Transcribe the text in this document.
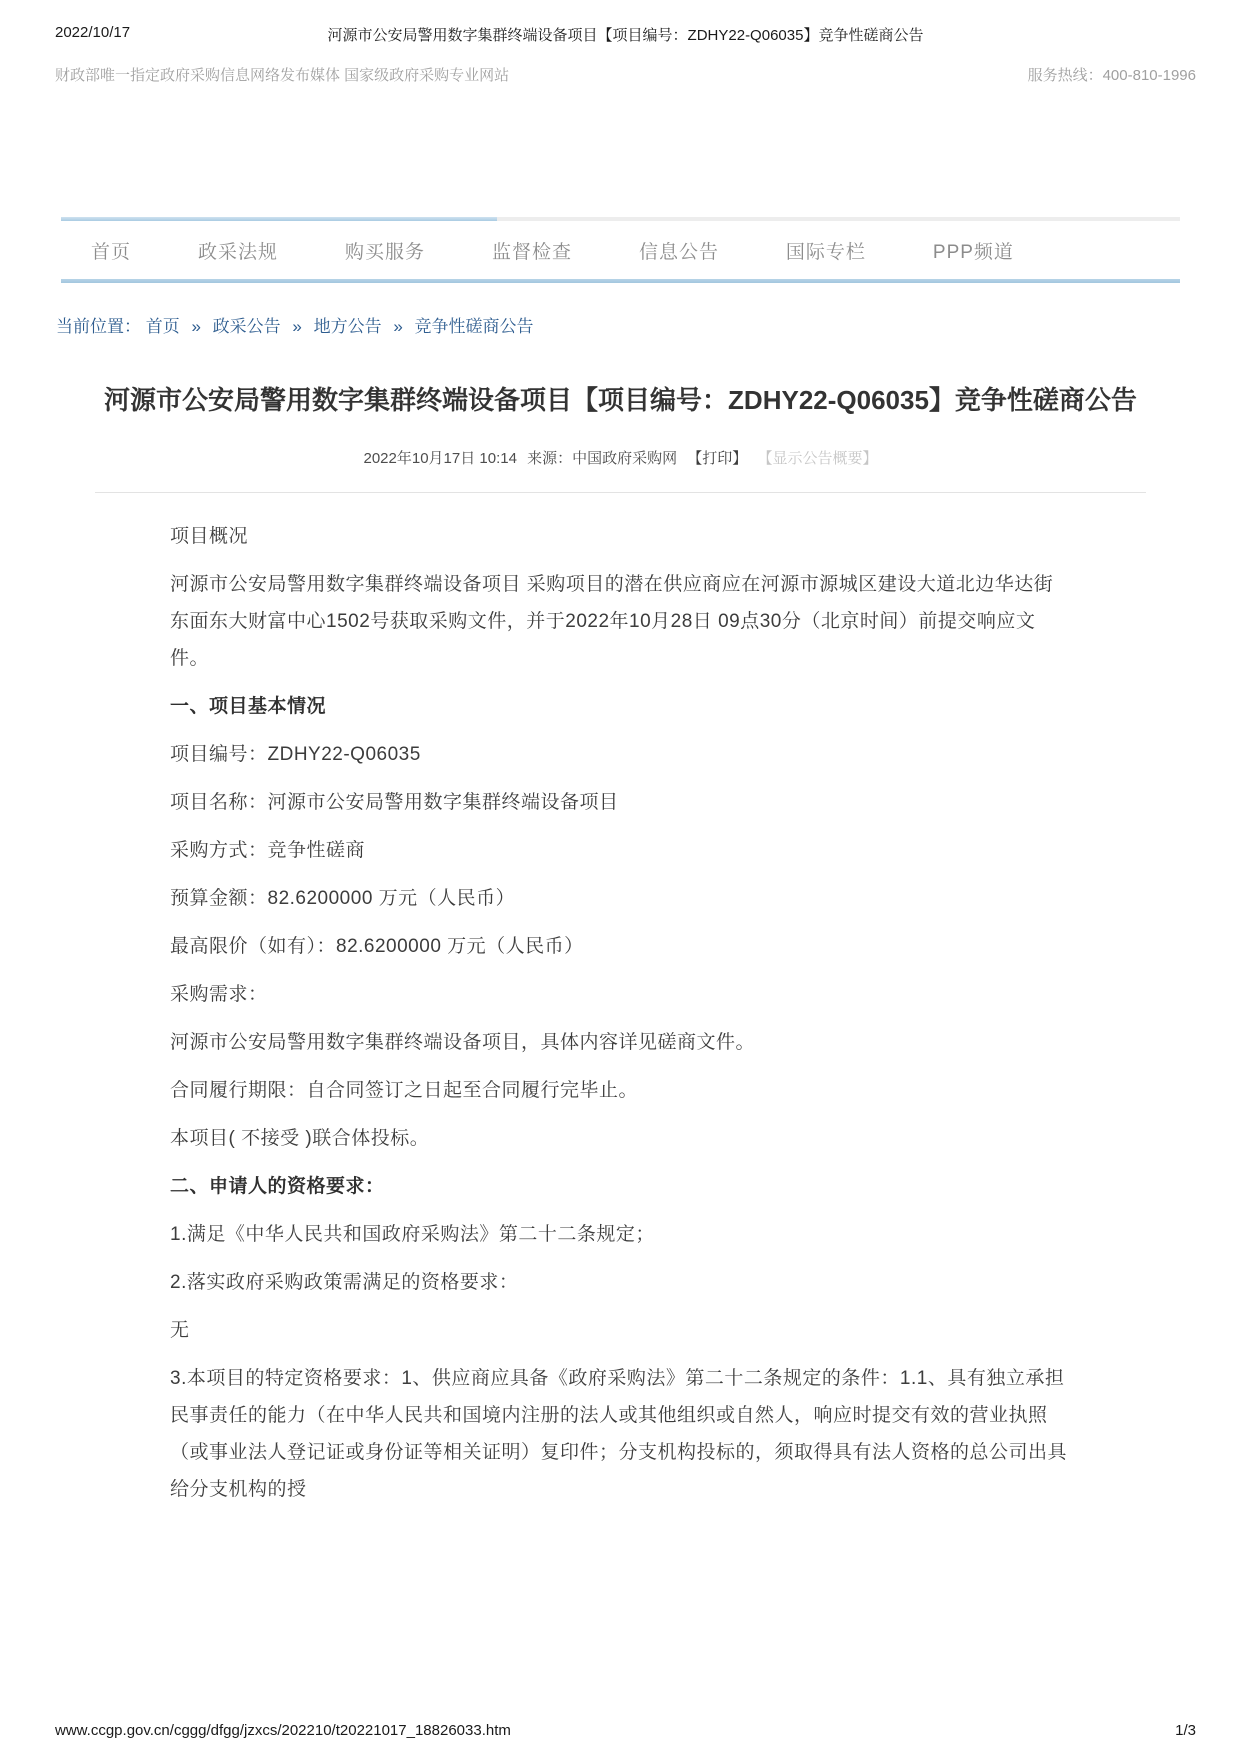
2022/10/17	河源市公安局警用数字集群终端设备项目【项目编号：ZDHY22-Q06035】竞争性磋商公告
财政部唯一指定政府采购信息网络发布媒体 国家级政府采购专业网站	服务热线：400-810-1996
首页	政采法规	购买服务	监督检查	信息公告	国际专栏	PPP频道
当前位置： 首页 » 政采公告 » 地方公告 » 竞争性磋商公告
河源市公安局警用数字集群终端设备项目【项目编号：ZDHY22-Q06035】竞争性磋商公告
2022年10月17日 10:14 来源：中国政府采购网 【打印】 【显示公告概要】

项目概况

河源市公安局警用数字集群终端设备项目 采购项目的潜在供应商应在河源市源城区建设大道北边华达街东面东大财富中心1502号获取采购文件，并于2022年10月28日 09点30分（北京时间）前提交响应文件。

一、项目基本情况

项目编号：ZDHY22-Q06035

项目名称：河源市公安局警用数字集群终端设备项目

采购方式：竞争性磋商

预算金额：82.6200000 万元（人民币）

最高限价（如有）：82.6200000 万元（人民币）

采购需求：

河源市公安局警用数字集群终端设备项目，具体内容详见磋商文件。

合同履行期限：自合同签订之日起至合同履行完毕止。

本项目( 不接受 )联合体投标。

二、申请人的资格要求：

1.满足《中华人民共和国政府采购法》第二十二条规定；

2.落实政府采购政策需满足的资格要求：

无

3.本项目的特定资格要求：1、供应商应具备《政府采购法》第二十二条规定的条件：1.1、具有独立承担民事责任的能力（在中华人民共和国境内注册的法人或其他组织或自然人，响应时提交有效的营业执照（或事业法人登记证或身份证等相关证明）复印件；分支机构投标的，须取得具有法人资格的总公司出具给分支机构的授

www.ccgp.gov.cn/cggg/dfgg/jzxcs/202210/t20221017_18826033.htm	1/3
